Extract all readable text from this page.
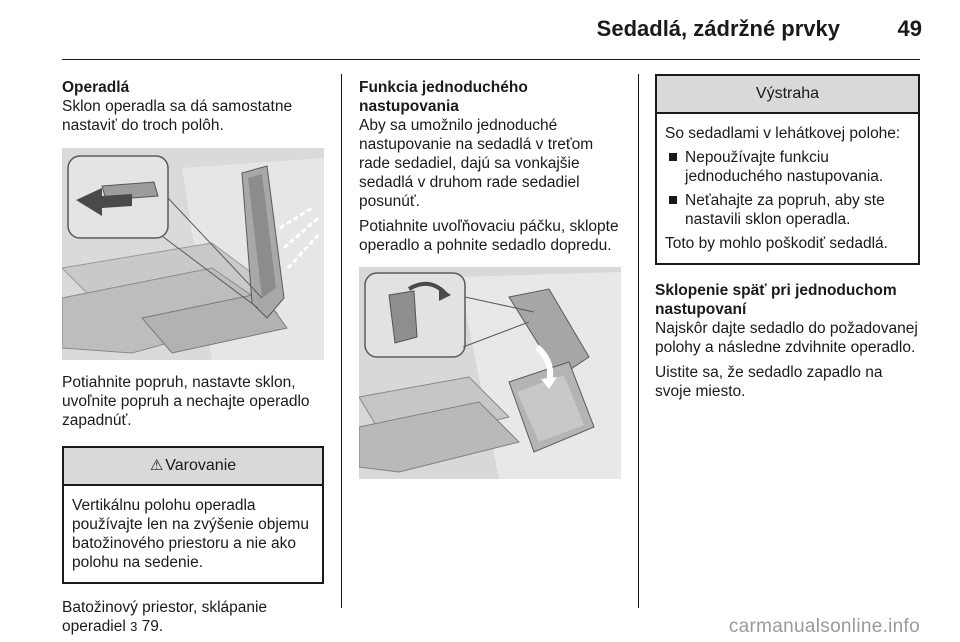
Sedadlá, zádržné prvky	49

Operadlá

Sklon operadla sa dá samostatne nastaviť do troch polôh.

Potiahnite popruh, nastavte sklon, uvoľnite popruh a nechajte operadlo zapadnúť.

⚠ Varovanie

Vertikálnu polohu operadla používajte len na zvýšenie objemu batožinového priestoru a nie ako polohu na sedenie.

Batožinový priestor, sklápanie operadiel 3 79.

Funkcia jednoduchého nastupovania

Aby sa umožnilo jednoduché nastupovanie na sedadlá v treťom rade sedadiel, dajú sa vonkajšie sedadlá v druhom rade sedadiel posunúť.

Potiahnite uvoľňovaciu páčku, sklopte operadlo a pohnite sedadlo dopredu.

Výstraha

So sedadlami v lehátkovej polohe:

Nepoužívajte funkciu jednoduchého nastupovania.
Neťahajte za popruh, aby ste nastavili sklon operadla.

Toto by mohlo poškodiť sedadlá.

Sklopenie späť pri jednoduchom nastupovaní

Najskôr dajte sedadlo do požadovanej polohy a následne zdvihnite operadlo.

Uistite sa, že sedadlo zapadlo na svoje miesto.

carmanualsonline.info
